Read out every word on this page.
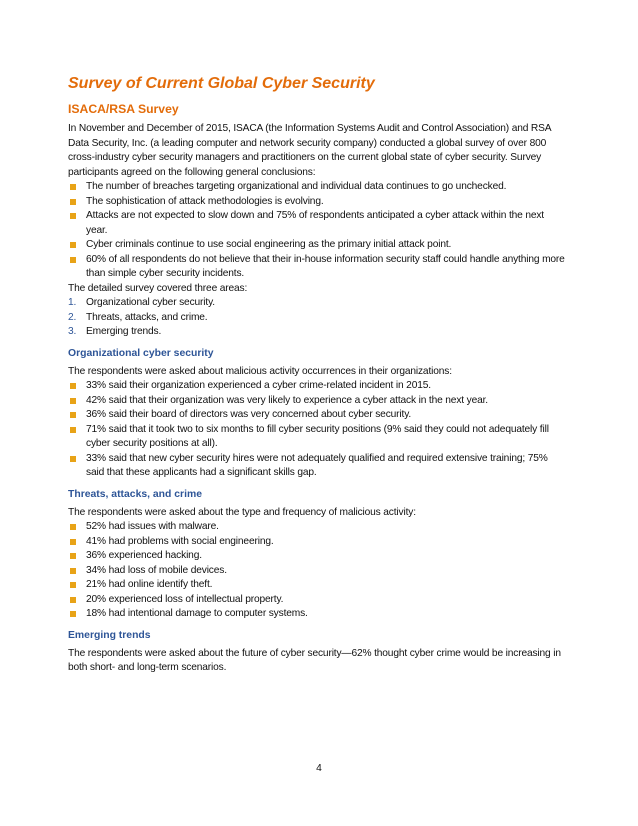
Survey of Current Global Cyber Security
ISACA/RSA Survey

In November and December of 2015, ISACA (the Information Systems Audit and Control Association) and RSA Data Security, Inc. (a leading computer and network security company) conducted a global survey of over 800 cross-industry cyber security managers and practitioners on the current global state of cyber security. Survey participants agreed on the following general conclusions:

The number of breaches targeting organizational and individual data continues to go unchecked.
The sophistication of attack methodologies is evolving.
Attacks are not expected to slow down and 75% of respondents anticipated a cyber attack within the next year.
Cyber criminals continue to use social engineering as the primary initial attack point.
60% of all respondents do not believe that their in-house information security staff could handle anything more than simple cyber security incidents.

The detailed survey covered three areas:

1. Organizational cyber security.
2. Threats, attacks, and crime.
3. Emerging trends.
Organizational cyber security

The respondents were asked about malicious activity occurrences in their organizations:

33% said their organization experienced a cyber crime-related incident in 2015.
42% said that their organization was very likely to experience a cyber attack in the next year.
36% said their board of directors was very concerned about cyber security.
71% said that it took two to six months to fill cyber security positions (9% said they could not adequately fill cyber security positions at all).
33% said that new cyber security hires were not adequately qualified and required extensive training; 75% said that these applicants had a significant skills gap.
Threats, attacks, and crime

The respondents were asked about the type and frequency of malicious activity:

52% had issues with malware.
41% had problems with social engineering.
36% experienced hacking.
34% had loss of mobile devices.
21% had online identify theft.
20% experienced loss of intellectual property.
18% had intentional damage to computer systems.
Emerging trends

The respondents were asked about the future of cyber security—62% thought cyber crime would be increasing in both short- and long-term scenarios.

4
